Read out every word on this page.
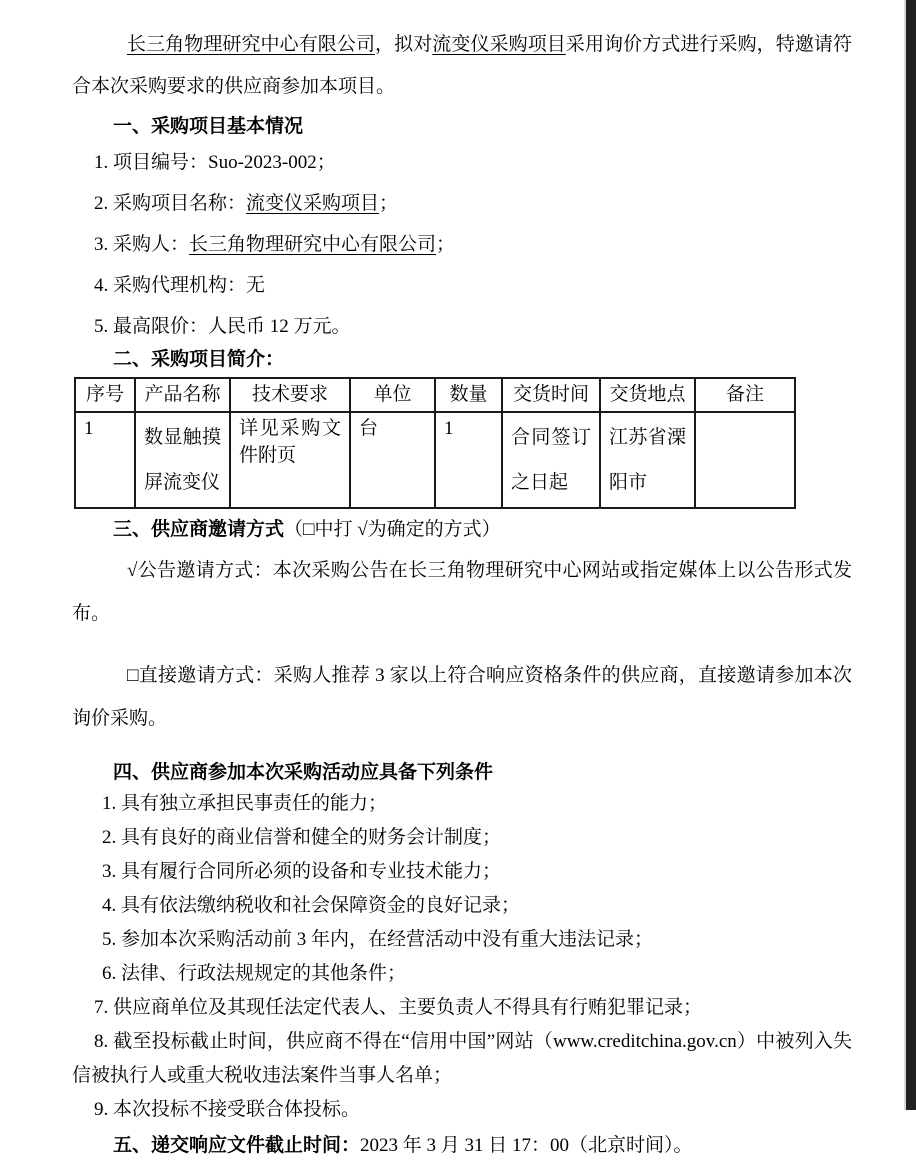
长三角物理研究中心有限公司，拟对流变仪采购项目采用询价方式进行采购，特邀请符合本次采购要求的供应商参加本项目。

一、采购项目基本情况
1. 项目编号：Suo-2023-002；
2. 采购项目名称：流变仪采购项目；
3. 采购人：长三角物理研究中心有限公司；
4. 采购代理机构：无
5. 最高限价：人民币 12 万元。
二、采购项目简介：
序号	产品名称	技术要求	单位	数量	交货时间	交货地点	备注
1	数显触摸屏流变仪	详见采购文件附页	台	1	合同签订之日起	江苏省溧阳市	
三、供应商邀请方式（□中打 √为确定的方式）

√公告邀请方式：本次采购公告在长三角物理研究中心网站或指定媒体上以公告形式发布。

□直接邀请方式：采购人推荐 3 家以上符合响应资格条件的供应商，直接邀请参加本次询价采购。

四、供应商参加本次采购活动应具备下列条件
1. 具有独立承担民事责任的能力；
2. 具有良好的商业信誉和健全的财务会计制度；
3. 具有履行合同所必须的设备和专业技术能力；
4. 具有依法缴纳税收和社会保障资金的良好记录；
5. 参加本次采购活动前 3 年内，在经营活动中没有重大违法记录；
6. 法律、行政法规规定的其他条件；
7. 供应商单位及其现任法定代表人、主要负责人不得具有行贿犯罪记录；
8. 截至投标截止时间，供应商不得在“信用中国”网站（www.creditchina.gov.cn）中被列入失信被执行人或重大税收违法案件当事人名单；
9. 本次投标不接受联合体投标。
五、递交响应文件截止时间：2023 年 3 月 31 日 17：00（北京时间）。
